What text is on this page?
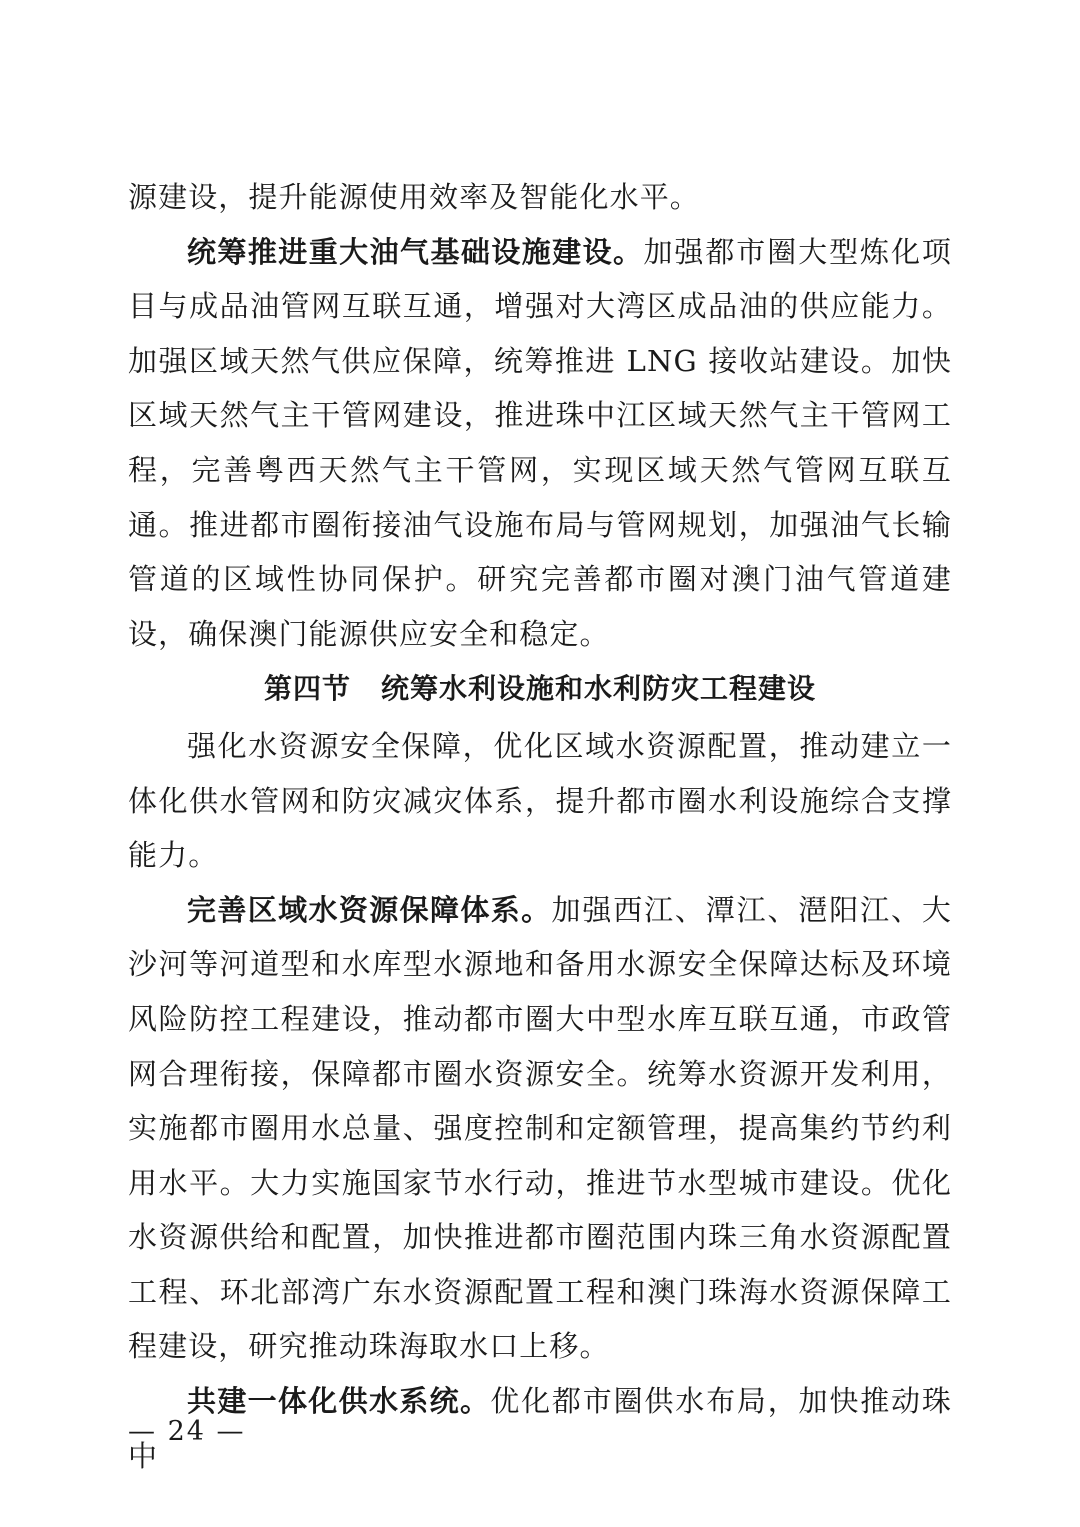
源建设，提升能源使用效率及智能化水平。

统筹推进重大油气基础设施建设。加强都市圈大型炼化项目与成品油管网互联互通，增强对大湾区成品油的供应能力。加强区域天然气供应保障，统筹推进 LNG 接收站建设。加快区域天然气主干管网建设，推进珠中江区域天然气主干管网工程，完善粤西天然气主干管网，实现区域天然气管网互联互通。推进都市圈衔接油气设施布局与管网规划，加强油气长输管道的区域性协同保护。研究完善都市圈对澳门油气管道建设，确保澳门能源供应安全和稳定。

第四节 统筹水利设施和水利防灾工程建设

强化水资源安全保障，优化区域水资源配置，推动建立一体化供水管网和防灾减灾体系，提升都市圈水利设施综合支撑能力。

完善区域水资源保障体系。加强西江、潭江、潖阳江、大沙河等河道型和水库型水源地和备用水源安全保障达标及环境风险防控工程建设，推动都市圈大中型水库互联互通，市政管网合理衔接，保障都市圈水资源安全。统筹水资源开发利用，实施都市圈用水总量、强度控制和定额管理，提高集约节约利用水平。大力实施国家节水行动，推进节水型城市建设。优化水资源供给和配置，加快推进都市圈范围内珠三角水资源配置工程、环北部湾广东水资源配置工程和澳门珠海水资源保障工程建设，研究推动珠海取水口上移。

共建一体化供水系统。优化都市圈供水布局，加快推动珠中

— 24 —
